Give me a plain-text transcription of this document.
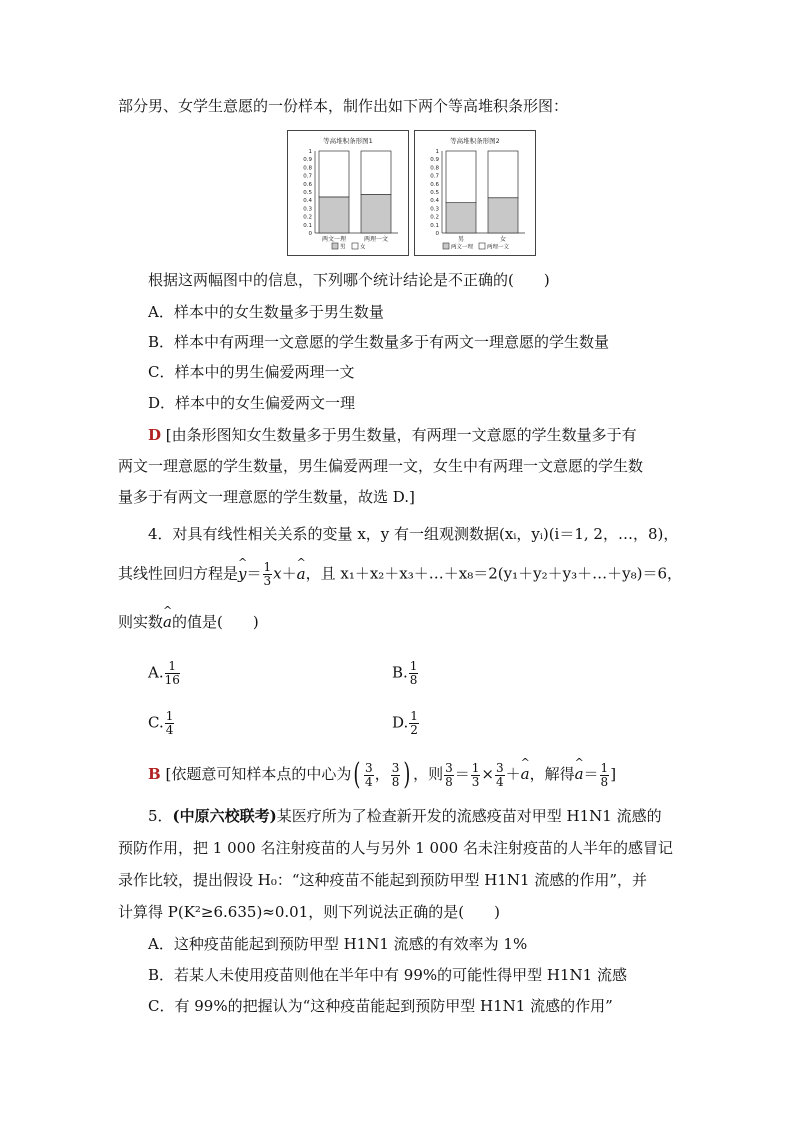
部分男、女学生意愿的一份样本，制作出如下两个等高堆积条形图：
等高堆积条形图1
1
0.9
0.8
0.7
0.6
0.5
0.4
0.3
0.2
0.1
0
两文一理	两理一文
男	女
等高堆积条形图2
1
0.9
0.8
0.7
0.6
0.5
0.4
0.3
0.2
0.1
0
男	女
两文一理	两理一文
根据这两幅图中的信息，下列哪个统计结论是不正确的(　　)
A．样本中的女生数量多于男生数量
B．样本中有两理一文意愿的学生数量多于有两文一理意愿的学生数量
C．样本中的男生偏爱两理一文
D．样本中的女生偏爱两文一理
D [由条形图知女生数量多于男生数量，有两理一文意愿的学生数量多于有
两文一理意愿的学生数量，男生偏爱两理一文，女生中有两理一文意愿的学生数
量多于有两文一理意愿的学生数量，故选 D.]
4．对具有线性相关关系的变量 x，y 有一组观测数据(xᵢ，yᵢ)(i＝1, 2，…，8)，
其线性回归方程是^ $y= \frac{1}{3}$ x＋^ a，且 x₁＋x₂＋x₃＋…＋x₈＝2(y₁＋y₂＋y₃＋…＋y₈)＝6，
则实数^ a的值是(　　)
A. $\frac{1}{16}$	B. $\frac{1}{8}$
C. $\frac{1}{4}$	D. $\frac{1}{2}$
B [依题意可知样本点的中心为( $\frac{3}{4}$ ， $\frac{3}{8}$ ) ，则 $\frac{3}{8} = \frac{1}{3} \times \frac{3}{4}$ ＋^ a，解得^ $a= \frac{1}{8}$ ]
5．(中原六校联考)某医疗所为了检查新开发的流感疫苗对甲型 H1N1 流感的
预防作用，把 1 000 名注射疫苗的人与另外 1 000 名未注射疫苗的人半年的感冒记
录作比较，提出假设 H₀：“这种疫苗不能起到预防甲型 H1N1 流感的作用”，并
计算得 P(K²≥6.635)≈0.01，则下列说法正确的是(　　)
A．这种疫苗能起到预防甲型 H1N1 流感的有效率为 1%
B．若某人未使用疫苗则他在半年中有 99%的可能性得甲型 H1N1 流感
C．有 99%的把握认为“这种疫苗能起到预防甲型 H1N1 流感的作用”
